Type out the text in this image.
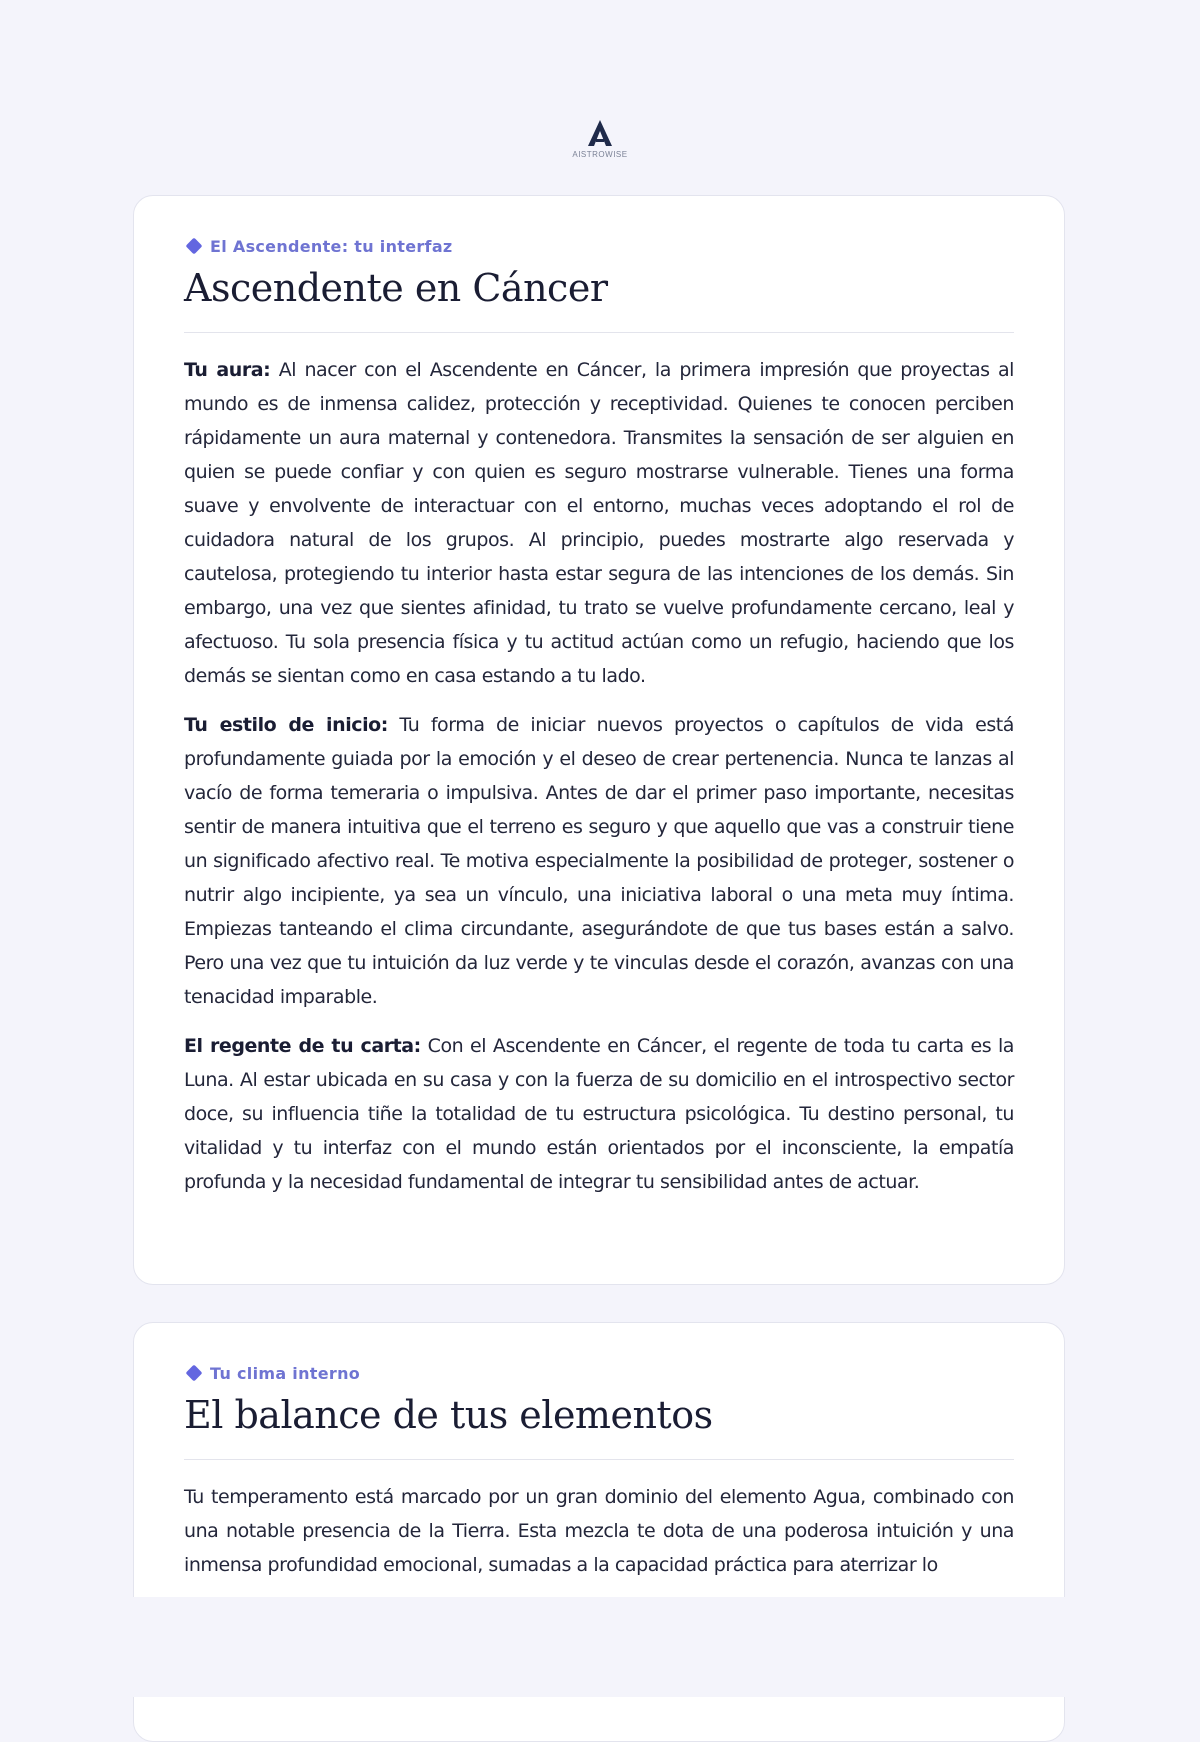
AISTROWISE
El Ascendente: tu interfaz
Ascendente en Cáncer

Tu aura: Al nacer con el Ascendente en Cáncer, la primera impresión que proyectas al mundo es de inmensa calidez, protección y receptividad. Quienes te conocen perciben rápidamente un aura maternal y contenedora. Transmites la sensación de ser alguien en quien se puede confiar y con quien es seguro mostrarse vulnerable. Tienes una forma suave y envolvente de interactuar con el entorno, muchas veces adoptando el rol de cuidadora natural de los grupos. Al principio, puedes mostrarte algo reservada y cautelosa, protegiendo tu interior hasta estar segura de las intenciones de los demás. Sin embargo, una vez que sientes afinidad, tu trato se vuelve profundamente cercano, leal y afectuoso. Tu sola presencia física y tu actitud actúan como un refugio, haciendo que los demás se sientan como en casa estando a tu lado.

Tu estilo de inicio: Tu forma de iniciar nuevos proyectos o capítulos de vida está profundamente guiada por la emoción y el deseo de crear pertenencia. Nunca te lanzas al vacío de forma temeraria o impulsiva. Antes de dar el primer paso importante, necesitas sentir de manera intuitiva que el terreno es seguro y que aquello que vas a construir tiene un significado afectivo real. Te motiva especialmente la posibilidad de proteger, sostener o nutrir algo incipiente, ya sea un vínculo, una iniciativa laboral o una meta muy íntima. Empiezas tanteando el clima circundante, asegurándote de que tus bases están a salvo. Pero una vez que tu intuición da luz verde y te vinculas desde el corazón, avanzas con una tenacidad imparable.

El regente de tu carta: Con el Ascendente en Cáncer, el regente de toda tu carta es la Luna. Al estar ubicada en su casa y con la fuerza de su domicilio en el introspectivo sector doce, su influencia tiñe la totalidad de tu estructura psicológica. Tu destino personal, tu vitalidad y tu interfaz con el mundo están orientados por el inconsciente, la empatía profunda y la necesidad fundamental de integrar tu sensibilidad antes de actuar.

Tu clima interno
El balance de tus elementos

Tu temperamento está marcado por un gran dominio del elemento Agua, combinado con una notable presencia de la Tierra. Esta mezcla te dota de una poderosa intuición y una inmensa profundidad emocional, sumadas a la capacidad práctica para aterrizar lo
